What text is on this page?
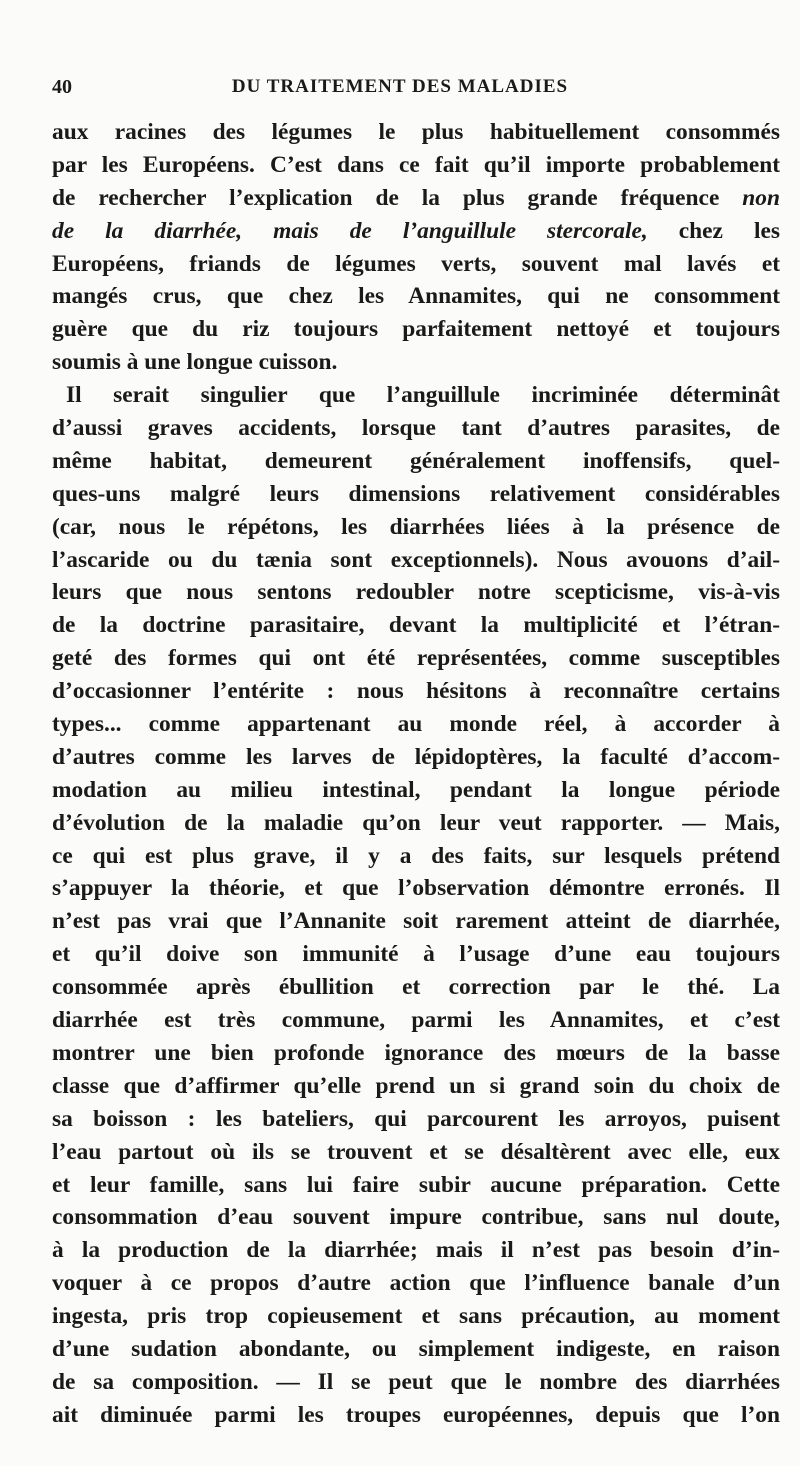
40	DU TRAITEMENT DES MALADIES
aux racines des légumes le plus habituellement consommés
par les Européens. C’est dans ce fait qu’il importe probablement
de rechercher l’explication de la plus grande fréquence non
de la diarrhée, mais de l’anguillule stercorale, chez les
Européens, friands de légumes verts, souvent mal lavés et
mangés crus, que chez les Annamites, qui ne consomment
guère que du riz toujours parfaitement nettoyé et toujours
soumis à une longue cuisson.
Il serait singulier que l’anguillule incriminée déterminât
d’aussi graves accidents, lorsque tant d’autres parasites, de
même habitat, demeurent généralement inoffensifs, quel-
ques-uns malgré leurs dimensions relativement considérables
(car, nous le répétons, les diarrhées liées à la présence de
l’ascaride ou du tænia sont exceptionnels). Nous avouons d’ail-
leurs que nous sentons redoubler notre scepticisme, vis-à-vis
de la doctrine parasitaire, devant la multiplicité et l’étran-
geté des formes qui ont été représentées, comme susceptibles
d’occasionner l’entérite : nous hésitons à reconnaître certains
types... comme appartenant au monde réel, à accorder à
d’autres comme les larves de lépidoptères, la faculté d’accom-
modation au milieu intestinal, pendant la longue période
d’évolution de la maladie qu’on leur veut rapporter. — Mais,
ce qui est plus grave, il y a des faits, sur lesquels prétend
s’appuyer la théorie, et que l’observation démontre erronés. Il
n’est pas vrai que l’Annanite soit rarement atteint de diarrhée,
et qu’il doive son immunité à l’usage d’une eau toujours
consommée après ébullition et correction par le thé. La
diarrhée est très commune, parmi les Annamites, et c’est
montrer une bien profonde ignorance des mœurs de la basse
classe que d’affirmer qu’elle prend un si grand soin du choix de
sa boisson : les bateliers, qui parcourent les arroyos, puisent
l’eau partout où ils se trouvent et se désaltèrent avec elle, eux
et leur famille, sans lui faire subir aucune préparation. Cette
consommation d’eau souvent impure contribue, sans nul doute,
à la production de la diarrhée; mais il n’est pas besoin d’in-
voquer à ce propos d’autre action que l’influence banale d’un
ingesta, pris trop copieusement et sans précaution, au moment
d’une sudation abondante, ou simplement indigeste, en raison
de sa composition. — Il se peut que le nombre des diarrhées
ait diminuée parmi les troupes européennes, depuis que l’on
